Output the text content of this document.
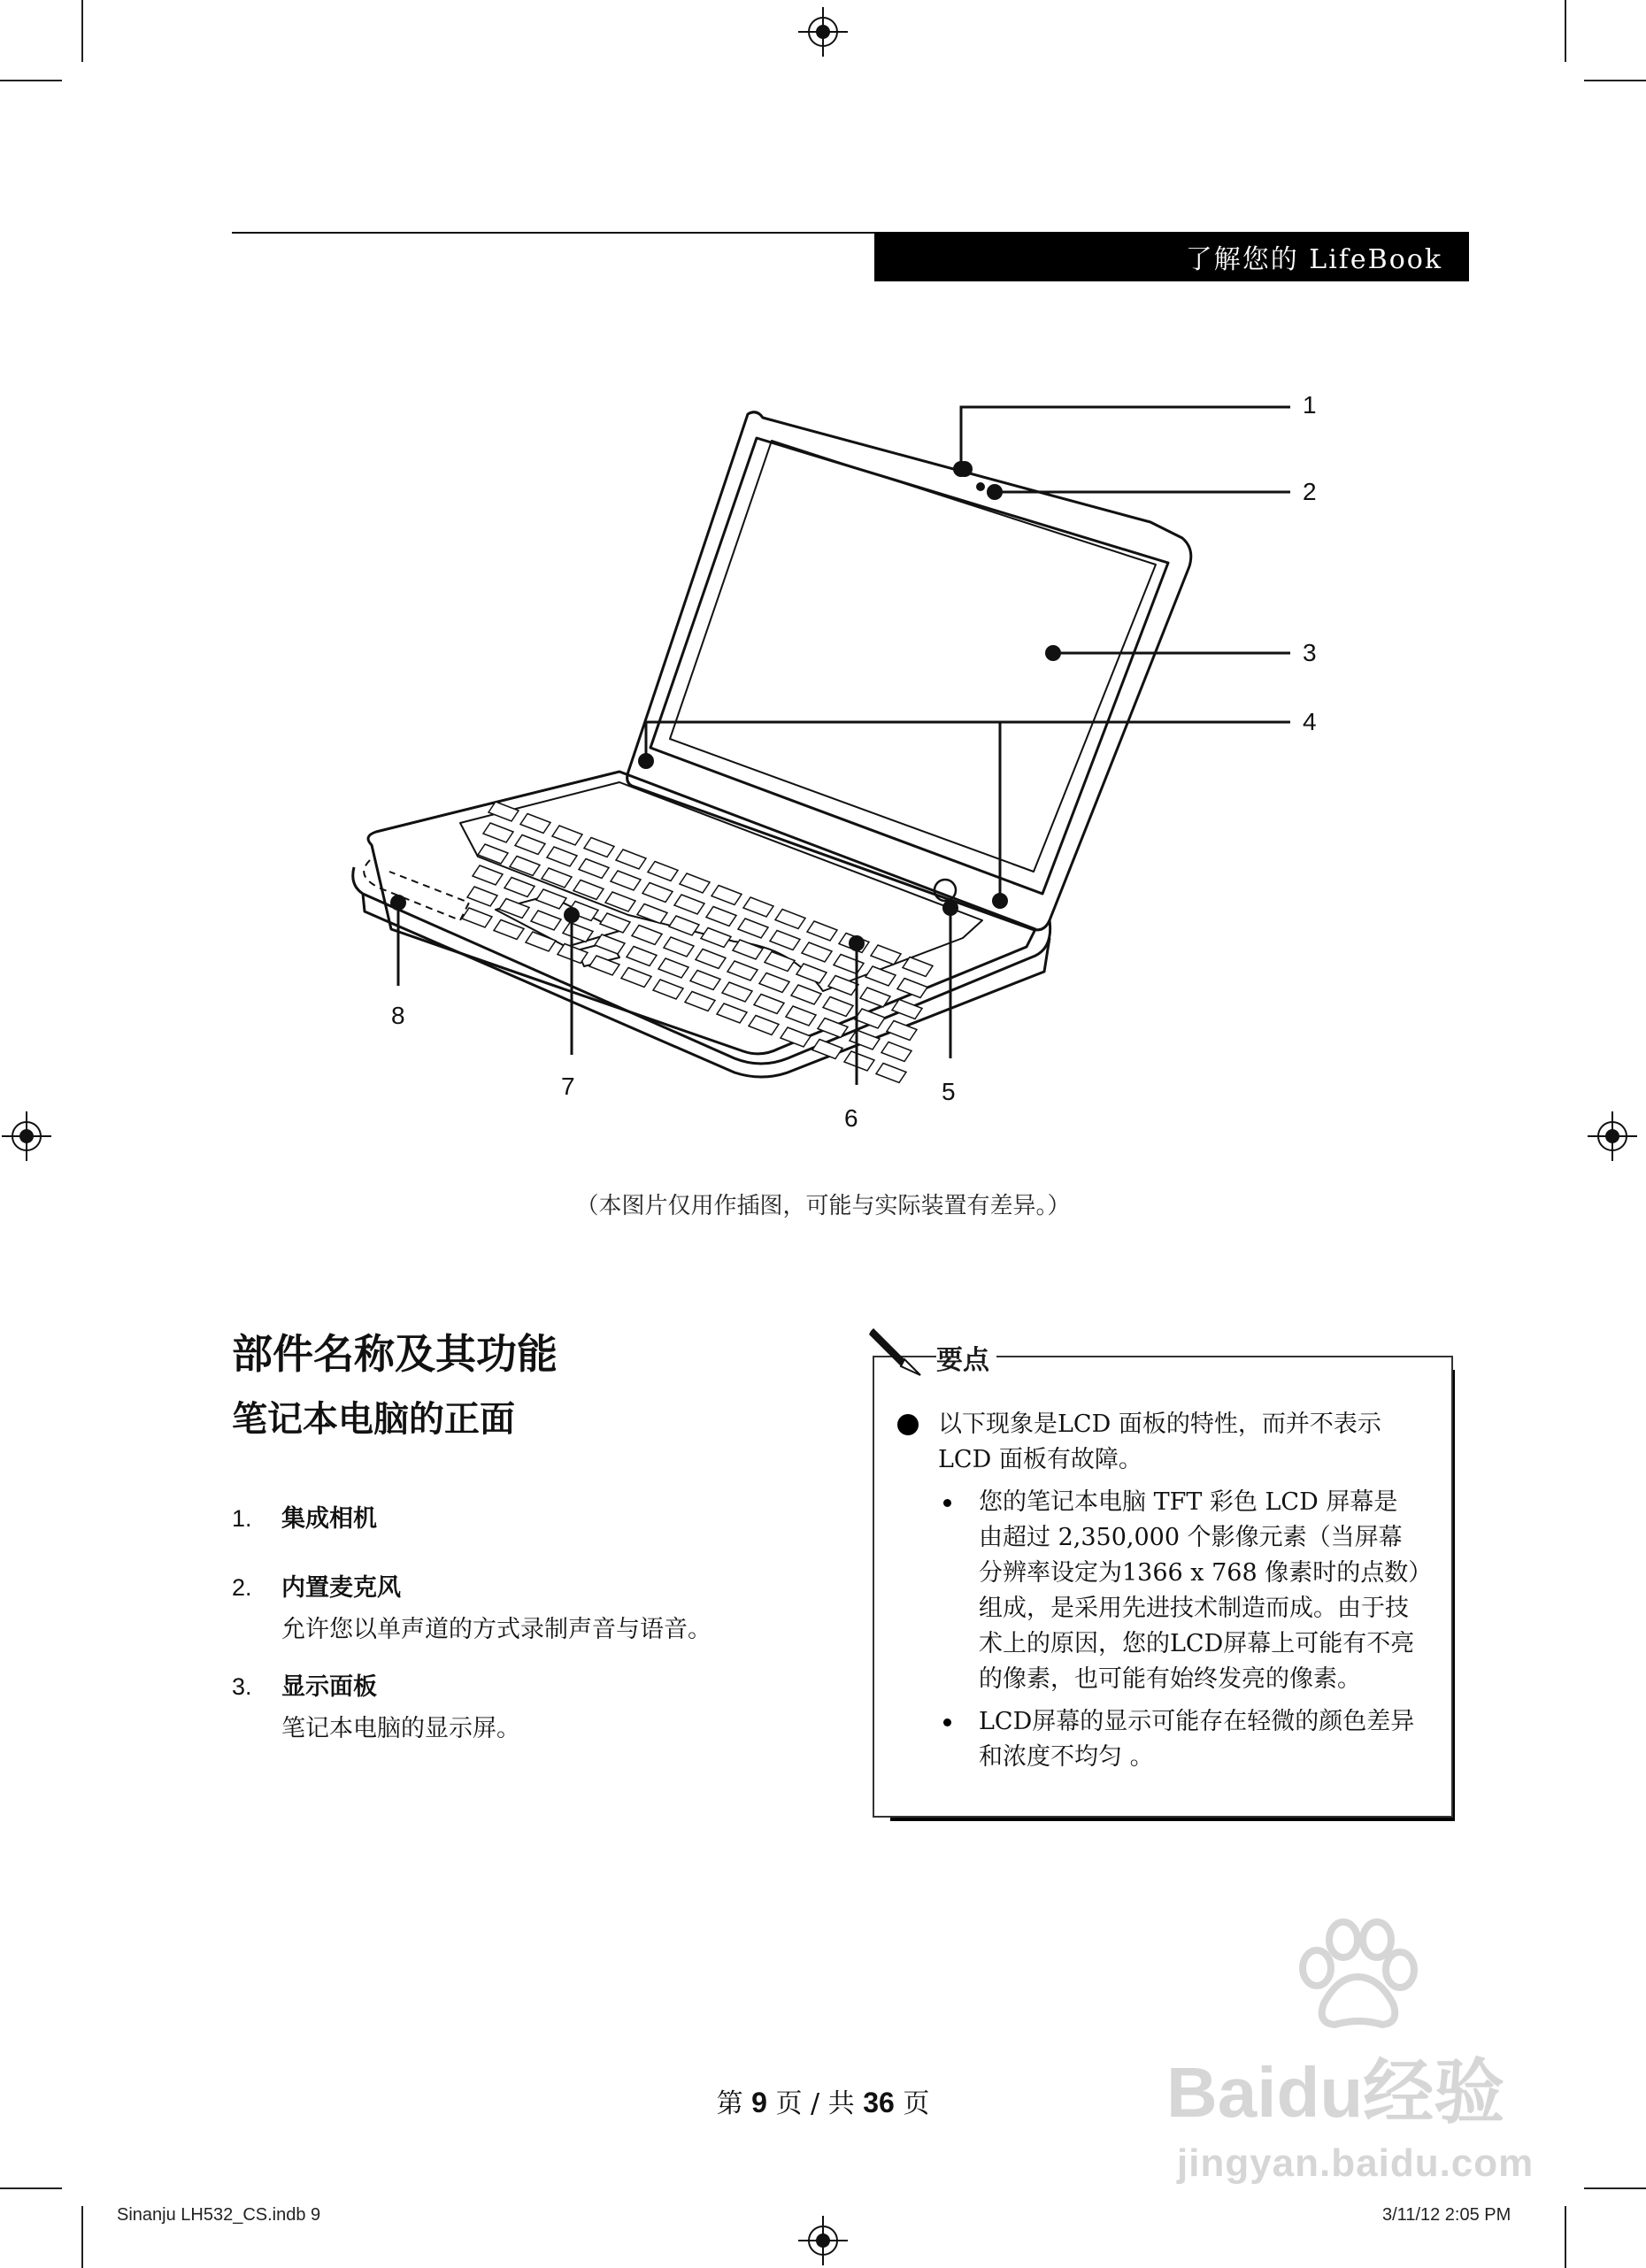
了解您的 LifeBook
1
2
3
4
5
6
7
8
（本图片仅用作插图，可能与实际装置有差异。）
部件名称及其功能
笔记本电脑的正面
1. 集成相机
2. 内置麦克风
允许您以单声道的方式录制声音与语音。
3. 显示面板
笔记本电脑的显示屏。
要点
以下现象是LCD 面板的特性，而并不表示 LCD 面板有故障。
您的笔记本电脑 TFT 彩色 LCD 屏幕是由超过 2,350,000 个影像元素（当屏幕分辨率设定为1366 x 768 像素时的点数）组成，是采用先进技术制造而成。由于技术上的原因，您的LCD屏幕上可能有不亮的像素，也可能有始终发亮的像素。
LCD屏幕的显示可能存在轻微的颜色差异和浓度不均匀 。
第 9 页 / 共 36 页	Baidu经验
jingyan.baidu.com
Sinanju LH532_CS.indb 9	3/11/12 2:05 PM
